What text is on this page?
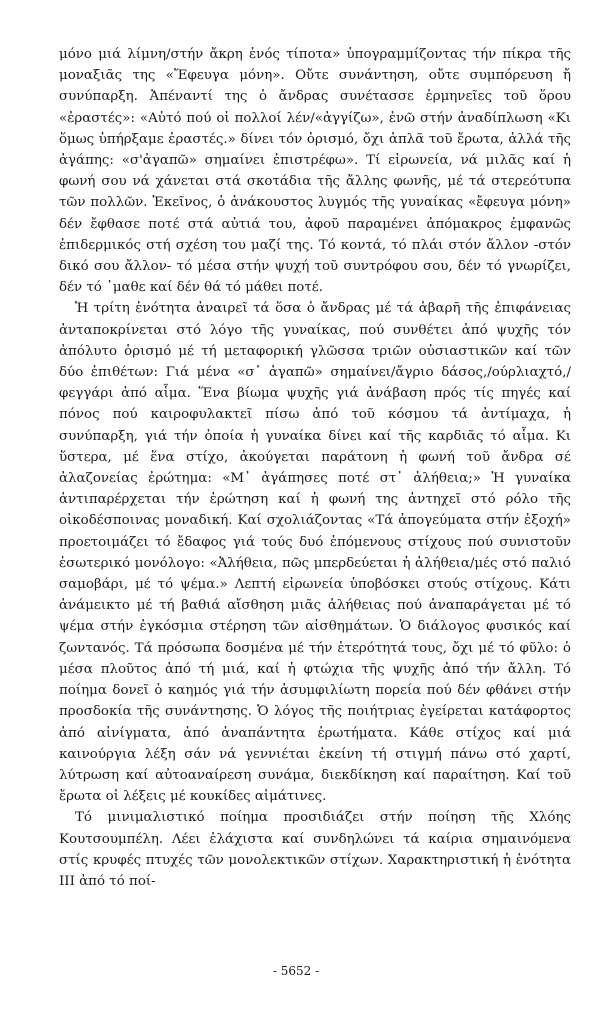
μόνο μιά λίμνη/στήν ἄκρη ἑνός τίποτα» ὑπογραμμίζοντας τήν πίκρα τῆς μοναξιᾶς της «Ἔφευγα μόνη». Οὔτε συνάντηση, οὔτε συμπόρευση ἤ συνύπαρξη. Ἀπέναντί της ὁ ἄνδρας συνέτασσε ἑρμηνεῖες τοῦ ὅρου «ἐραστές»: «Αὐτό πού οἱ πολλοί λέν/«ἀγγίζω», ἐνῶ στήν ἀναδίπλωση «Κι ὅμως ὑπήρξαμε ἐραστές.» δίνει τόν ὁρισμό, ὄχι ἁπλᾶ τοῦ ἔρωτα, ἀλλά τῆς ἀγάπης: «σ'ἀγαπῶ» σημαίνει ἐπιστρέφω». Τί εἰρωνεία, νά μιλᾶς καί ἡ φωνή σου νά χάνεται στά σκοτάδια τῆς ἄλλης φωνῆς, μέ τά στερεότυπα τῶν πολλῶν. Ἐκεῖνος, ὁ ἀνάκουστος λυγμός τῆς γυναίκας «ἔφευγα μόνη» δέν ἔφθασε ποτέ στά αὐτιά του, ἀφοῦ παραμένει ἀπόμακρος ἐμφανῶς ἐπιδερμικός στή σχέση του μαζί της. Τό κοντά, τό πλάι στόν ἄλλον -στόν δικό σου ἄλλον- τό μέσα στήν ψυχή τοῦ συντρόφου σου, δέν τό γνωρίζει, δέν τό ᾿μαθε καί δέν θά τό μάθει ποτέ.

Ἡ τρίτη ἑνότητα ἀναιρεῖ τά ὅσα ὁ ἄνδρας μέ τά ἀβαρῆ τῆς ἐπιφάνειας ἀνταποκρίνεται στό λόγο τῆς γυναίκας, πού συνθέτει ἀπό ψυχῆς τόν ἀπόλυτο ὁρισμό μέ τή μεταφορική γλῶσσα τριῶν οὐσιαστικῶν καί τῶν δύο ἐπιθέτων: Γιά μένα «σ᾿ ἀγαπῶ» σημαίνει/ἄγριο δάσος,/ούρλιαχτό,/φεγγάρι ἀπό αἷμα. Ἕνα βίωμα ψυχῆς γιά ἀνάβαση πρός τίς πηγές καί πόνος πού καιροφυλακτεῖ πίσω ἀπό τοῦ κόσμου τά ἀντίμαχα, ἡ συνύπαρξη, γιά τήν ὁποία ἡ γυναίκα δίνει καί τῆς καρδιᾶς τό αἷμα. Κι ὕστερα, μέ ἕνα στίχο, ἀκούγεται παράτονη ἡ φωνή τοῦ ἄνδρα σέ ἀλαζονείας ἐρώτημα: «Μ᾿ ἀγάπησες ποτέ στ᾿ ἀλήθεια;» Ἡ γυναίκα ἀντιπαρέρχεται τήν ἐρώτηση καί ἡ φωνή της ἀντηχεῖ στό ρόλο τῆς οἰκοδέσποινας μοναδική. Καί σχολιάζοντας «Τά ἀπογεύματα στήν ἐξοχή» προετοιμάζει τό ἔδαφος γιά τούς δυό ἑπόμενους στίχους πού συνιστοῦν ἐσωτερικό μονόλογο: «Ἀλήθεια, πῶς μπερδεύεται ἡ ἀλήθεια/μές στό παλιό σαμοβάρι, μέ τό ψέμα.» Λεπτή εἰρωνεία ὑποβόσκει στούς στίχους. Κάτι ἀνάμεικτο μέ τή βαθιά αἴσθηση μιᾶς ἀλήθειας πού ἀναπαράγεται μέ τό ψέμα στήν ἐγκόσμια στέρηση τῶν αἰσθημάτων. Ὁ διάλογος φυσικός καί ζωντανός. Τά πρόσωπα δοσμένα μέ τήν ἑτερότητά τους, ὄχι μέ τό φῦλο: ὁ μέσα πλοῦτος ἀπό τή μιά, καί ἡ φτώχια τῆς ψυχῆς ἀπό τήν ἄλλη. Τό ποίημα δονεῖ ὁ καημός γιά τήν ἀσυμφιλίωτη πορεία πού δέν φθάνει στήν προσδοκία τῆς συνάντησης. Ὁ λόγος τῆς ποιήτριας ἐγείρεται κατάφορτος ἀπό αἰνίγματα, ἀπό ἀναπάντητα ἐρωτήματα. Κάθε στίχος καί μιά καινούργια λέξη σάν νά γεννιέται ἐκείνη τή στιγμή πάνω στό χαρτί, λύτρωση καί αὐτοαναίρεση συνάμα, διεκδίκηση καί παραίτηση. Καί τοῦ ἔρωτα οἱ λέξεις μέ κουκίδες αἱμάτινες.

Τό μινιμαλιστικό ποίημα προσιδιάζει στήν ποίηση τῆς Χλόης Κουτσουμπέλη. Λέει ἐλάχιστα καί συνδηλώνει τά καίρια σημαινόμενα στίς κρυφές πτυχές τῶν μονολεκτικῶν στίχων. Χαρακτηριστική ἡ ἑνότητα ΙΙΙ ἀπό τό ποί-

- 5652 -
